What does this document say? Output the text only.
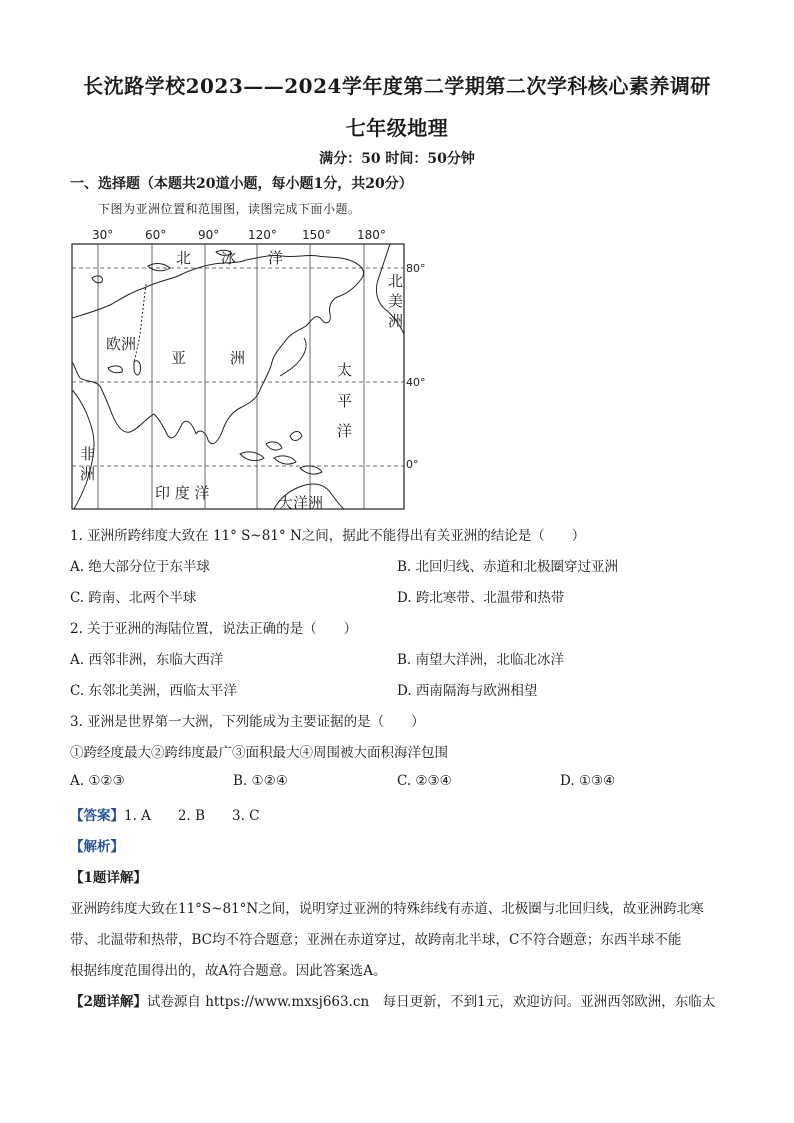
长沈路学校2023——2024学年度第二学期第二次学科核心素养调研
七年级地理
满分：50 时间：50分钟
一、选择题（本题共20道小题，每小题1分，共20分）
下图为亚洲位置和范围图，读图完成下面小题。
30°	60°	90° 120° 150° 180°
80°
40°
0°
北 冰 洋
北
美
洲
欧洲
亚	洲
太
平
洋
非
洲
印 度 洋
大洋洲
1. 亚洲所跨纬度大致在 11° S~81° N之间，据此不能得出有关亚洲的结论是（　　）
A. 绝大部分位于东半球	B. 北回归线、赤道和北极圈穿过亚洲
C. 跨南、北两个半球	D. 跨北寒带、北温带和热带
2. 关于亚洲的海陆位置，说法正确的是（　　）
A. 西邻非洲，东临大西洋	B. 南望大洋洲，北临北冰洋
C. 东邻北美洲，西临太平洋	D. 西南隔海与欧洲相望
3. 亚洲是世界第一大洲，下列能成为主要证据的是（　　）
①跨经度最大②跨纬度最广③面积最大④周围被大面积海洋包围
A. ①②③	B. ①②④	C. ②③④	D. ①③④
【答案】1. A　　2. B　　3. C
【解析】
【1题详解】
亚洲跨纬度大致在11°S~81°N之间，说明穿过亚洲的特殊纬线有赤道、北极圈与北回归线，故亚洲跨北寒
带、北温带和热带，BC均不符合题意；亚洲在赤道穿过，故跨南北半球，C不符合题意；东西半球不能
根据纬度范围得出的，故A符合题意。因此答案选A。
【2题详解】试卷源自 https://www.mxsj663.cn　每日更新，不到1元，欢迎访问。亚洲西邻欧洲，东临太
